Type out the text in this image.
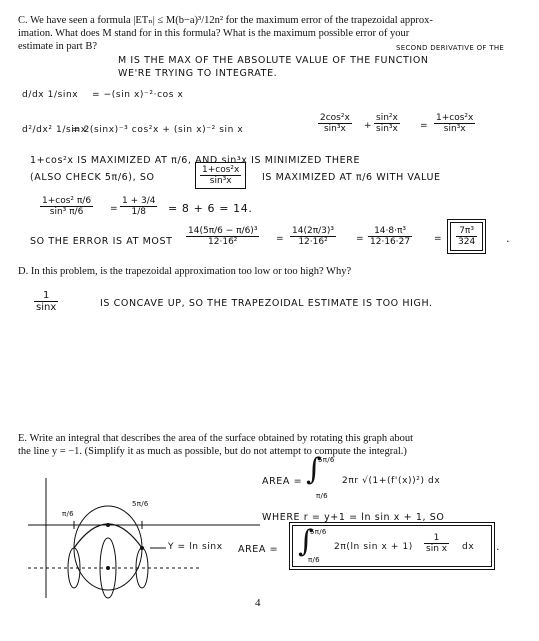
C. We have seen a formula |ETₙ| ≤ M(b−a)³/12n² for the maximum error of the trapezoidal approx-
imation. What does M stand for in this formula? What is the maximum possible error of your
estimate in part B?	SECOND DERIVATIVE OF THE
M IS THE MAX OF THE ABSOLUTE VALUE OF THE FUNCTION
WE'RE TRYING TO INTEGRATE.
d/dx 1/sinx = −(sin x)⁻²·cos x
d²/dx² 1/sinx
= 2(sinx)⁻³ cos²x + (sin x)⁻² sin x	$\frac{\text{2cos²x}}{\text{sin³x}} + \frac{\text{sin²x}}{\text{sin³x}} = \frac{\text{1+cos²x}}{\text{sin³x}}$
1+cos²x IS MAXIMIZED AT π/6, AND sin³x IS MINIMIZED THERE
(ALSO CHECK 5π/6), SO	$\frac{\text{1+cos²x}}{\text{sin³x}}$ IS MAXIMIZED AT π/6 WITH VALUE
$\frac{\text{1+cos² π/6}}{\text{sin³ π/6}} = \frac{1 + 3/4}{1/8} = 8 + 6 = 14$.
SO THE ERROR IS AT MOST $\frac{\text{14(5π/6 − π/6)³}}{\text{12·16²}} = \frac{\text{14(2π/3)³}}{\text{12·16²}} = \frac{\text{14·8·π³}}{12\cdot 16\cdot 27} = \frac{\text{7π³}}{324}$ .
D. In this problem, is the trapezoidal approximation too low or too high? Why?
$\frac{1}{\sin x}$	IS CONCAVE UP, SO THE TRAPEZOIDAL ESTIMATE IS TOO HIGH.
E. Write an integral that describes the area of the surface obtained by rotating this graph about
the line y = −1. (Simplify it as much as possible, but do not attempt to compute the integral.)
π/6
5π/6
Y = ln sinx
AREA = ∫
5π/6
π/6
2πr √(1+(f'(x))²) dx
WHERE r = y+1 = ln sin x + 1, SO
AREA = ∫
5π/6
π/6
2π(ln $\sin x + 1) \frac{1}{\text{sin x}}$ dx .
4
